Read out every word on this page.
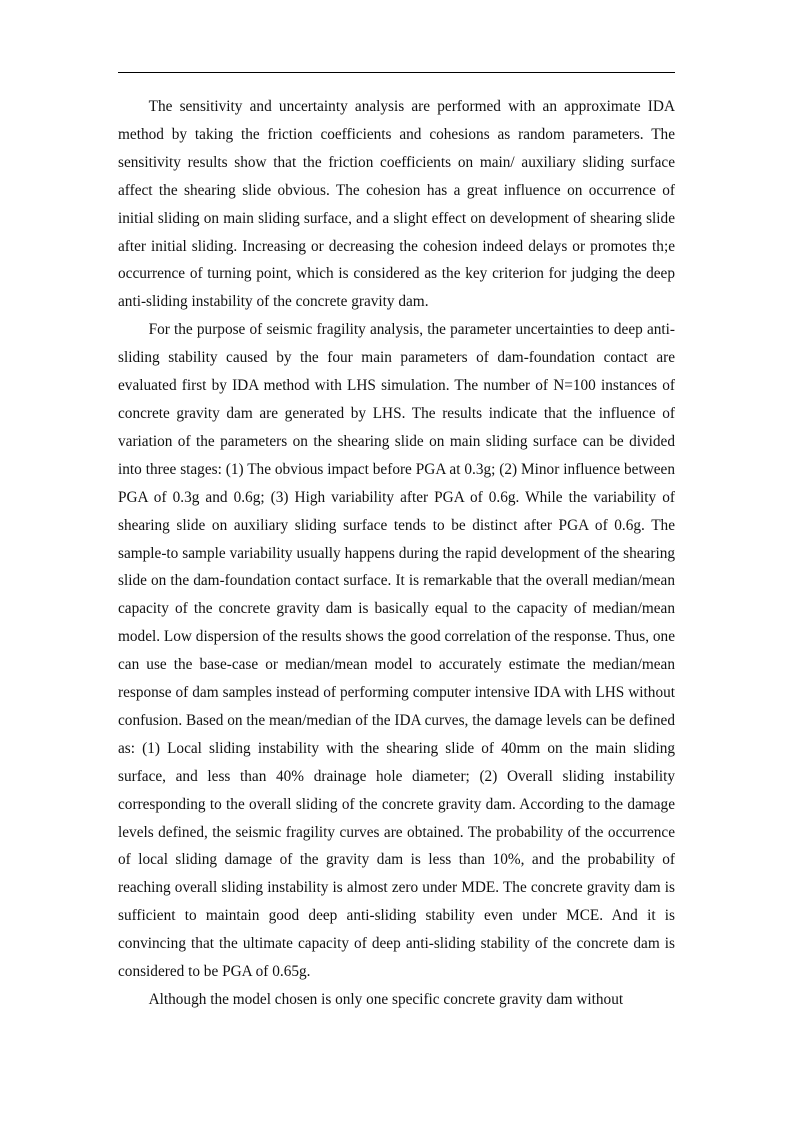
The sensitivity and uncertainty analysis are performed with an approximate IDA method by taking the friction coefficients and cohesions as random parameters. The sensitivity results show that the friction coefficients on main/ auxiliary sliding surface affect the shearing slide obvious. The cohesion has a great influence on occurrence of initial sliding on main sliding surface, and a slight effect on development of shearing slide after initial sliding. Increasing or decreasing the cohesion indeed delays or promotes th;e occurrence of turning point, which is considered as the key criterion for judging the deep anti-sliding instability of the concrete gravity dam.

For the purpose of seismic fragility analysis, the parameter uncertainties to deep anti-sliding stability caused by the four main parameters of dam-foundation contact are evaluated first by IDA method with LHS simulation. The number of N=100 instances of concrete gravity dam are generated by LHS. The results indicate that the influence of variation of the parameters on the shearing slide on main sliding surface can be divided into three stages: (1) The obvious impact before PGA at 0.3g; (2) Minor influence between PGA of 0.3g and 0.6g; (3) High variability after PGA of 0.6g. While the variability of shearing slide on auxiliary sliding surface tends to be distinct after PGA of 0.6g. The sample-to sample variability usually happens during the rapid development of the shearing slide on the dam-foundation contact surface. It is remarkable that the overall median/mean capacity of the concrete gravity dam is basically equal to the capacity of median/mean model. Low dispersion of the results shows the good correlation of the response. Thus, one can use the base-case or median/mean model to accurately estimate the median/mean response of dam samples instead of performing computer intensive IDA with LHS without confusion. Based on the mean/median of the IDA curves, the damage levels can be defined as: (1) Local sliding instability with the shearing slide of 40mm on the main sliding surface, and less than 40% drainage hole diameter; (2) Overall sliding instability corresponding to the overall sliding of the concrete gravity dam. According to the damage levels defined, the seismic fragility curves are obtained. The probability of the occurrence of local sliding damage of the gravity dam is less than 10%, and the probability of reaching overall sliding instability is almost zero under MDE. The concrete gravity dam is sufficient to maintain good deep anti-sliding stability even under MCE. And it is convincing that the ultimate capacity of deep anti-sliding stability of the concrete dam is considered to be PGA of 0.65g.

Although the model chosen is only one specific concrete gravity dam without
